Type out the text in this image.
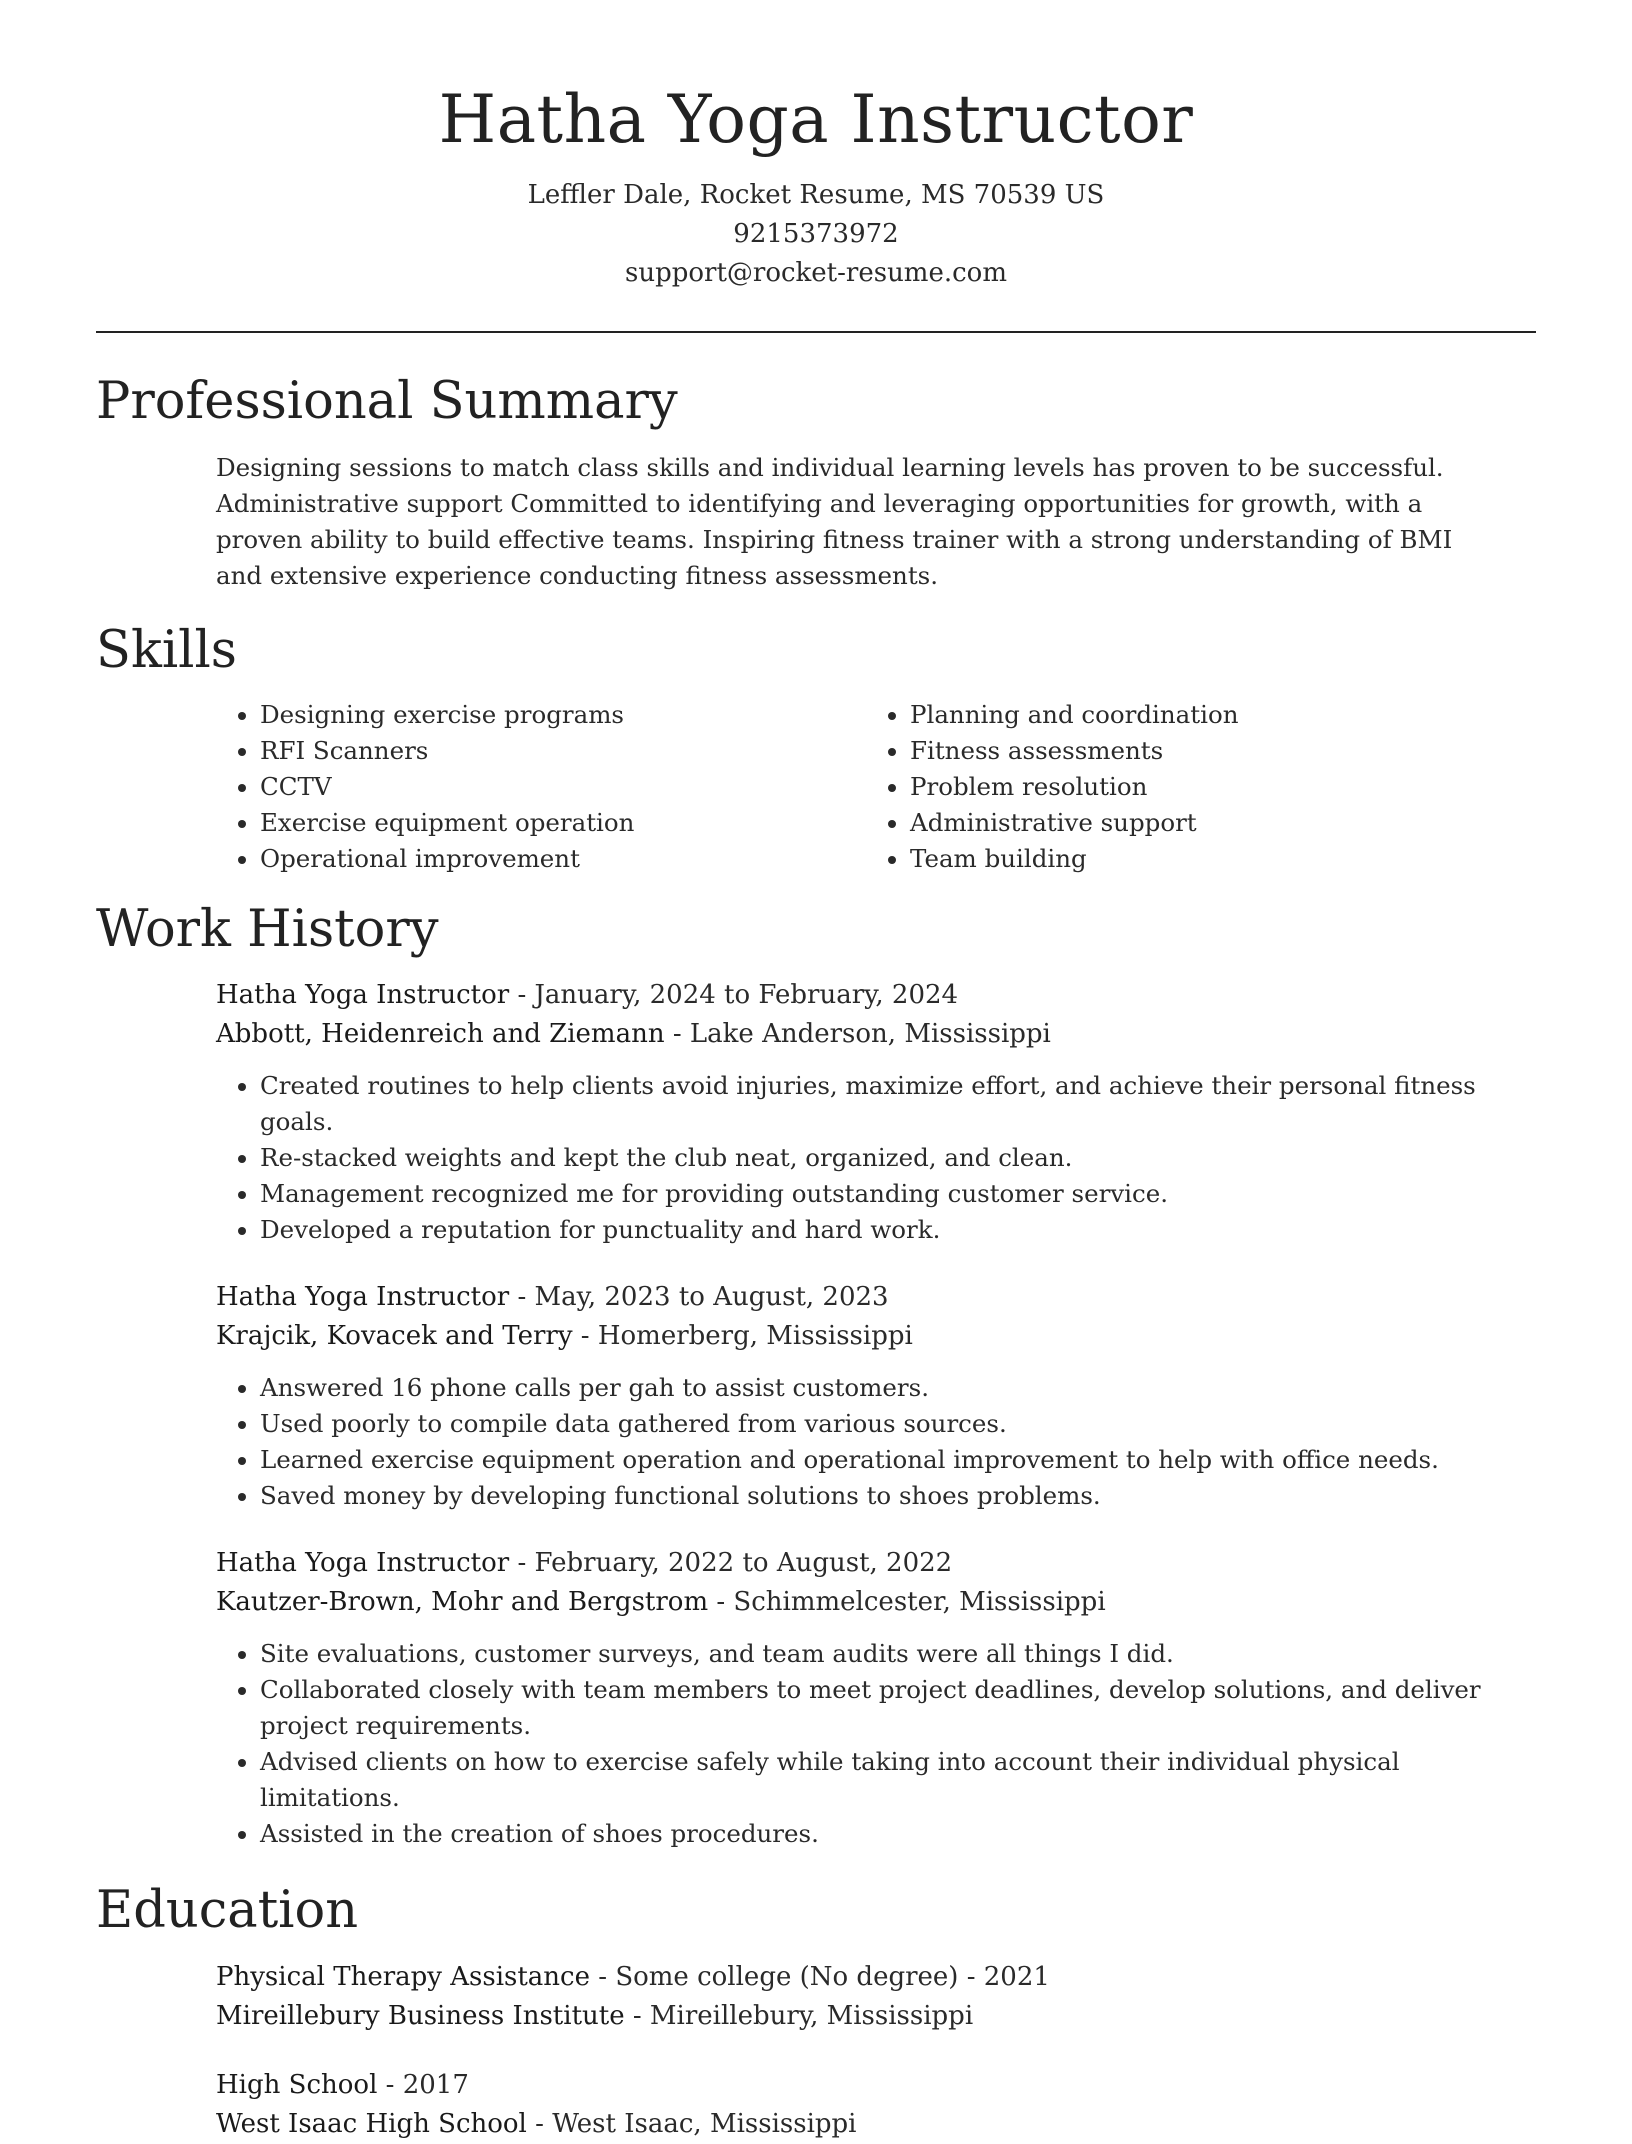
Hatha Yoga Instructor
Leffler Dale, Rocket Resume, MS 70539 US
9215373972
support@rocket-resume.com
Professional Summary

Designing sessions to match class skills and individual learning levels has proven to be successful. Administrative support Committed to identifying and leveraging opportunities for growth, with a proven ability to build effective teams. Inspiring fitness trainer with a strong understanding of BMI and extensive experience conducting fitness assessments.

Skills
• Designing exercise programs
• RFI Scanners
• CCTV
• Exercise equipment operation
• Operational improvement
• Planning and coordination
• Fitness assessments
• Problem resolution
• Administrative support
• Team building
Work History
Hatha Yoga Instructor - January, 2024 to February, 2024
Abbott, Heidenreich and Ziemann - Lake Anderson, Mississippi
• Created routines to help clients avoid injuries, maximize effort, and achieve their personal fitness goals.
• Re-stacked weights and kept the club neat, organized, and clean.
• Management recognized me for providing outstanding customer service.
• Developed a reputation for punctuality and hard work.
Hatha Yoga Instructor - May, 2023 to August, 2023
Krajcik, Kovacek and Terry - Homerberg, Mississippi
• Answered 16 phone calls per gah to assist customers.
• Used poorly to compile data gathered from various sources.
• Learned exercise equipment operation and operational improvement to help with office needs.
• Saved money by developing functional solutions to shoes problems.
Hatha Yoga Instructor - February, 2022 to August, 2022
Kautzer-Brown, Mohr and Bergstrom - Schimmelcester, Mississippi
• Site evaluations, customer surveys, and team audits were all things I did.
• Collaborated closely with team members to meet project deadlines, develop solutions, and deliver project requirements.
• Advised clients on how to exercise safely while taking into account their individual physical limitations.
• Assisted in the creation of shoes procedures.
Education
Physical Therapy Assistance - Some college (No degree) - 2021
Mireillebury Business Institute - Mireillebury, Mississippi
High School - 2017
West Isaac High School - West Isaac, Mississippi
